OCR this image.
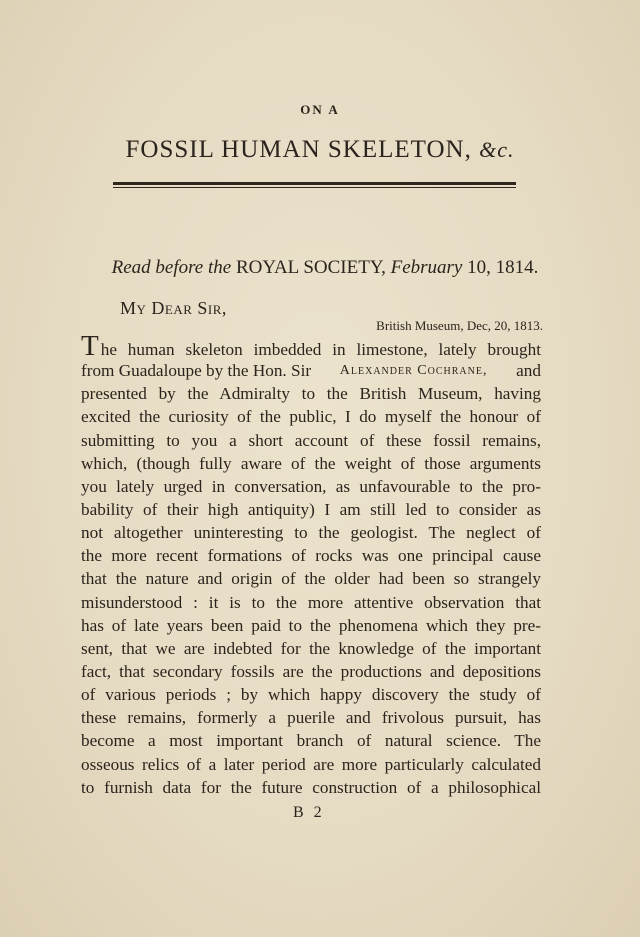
ON A
FOSSIL HUMAN SKELETON, &c.
Read before the ROYAL SOCIETY, February 10, 1814.
My Dear Sir,
British Museum, Dec, 20, 1813.
T he human skeleton imbedded in limestone, lately brought
from Guadaloupe by the Hon. Sir Alexander Cochrane, and
presented by the Admiralty to the British Museum, having
excited the curiosity of the public, I do myself the honour of
submitting to you a short account of these fossil remains,
which, (though fully aware of the weight of those arguments
you lately urged in conversation, as unfavourable to the pro-
bability of their high antiquity) I am still led to consider as
not altogether uninteresting to the geologist. The neglect of
the more recent formations of rocks was one principal cause
that the nature and origin of the older had been so strangely
misunderstood : it is to the more attentive observation that
has of late years been paid to the phenomena which they pre-
sent, that we are indebted for the knowledge of the important
fact, that secondary fossils are the productions and depositions
of various periods ; by which happy discovery the study of
these remains, formerly a puerile and frivolous pursuit, has
become a most important branch of natural science. The
osseous relics of a later period are more particularly calculated
to furnish data for the future construction of a philosophical
B 2
